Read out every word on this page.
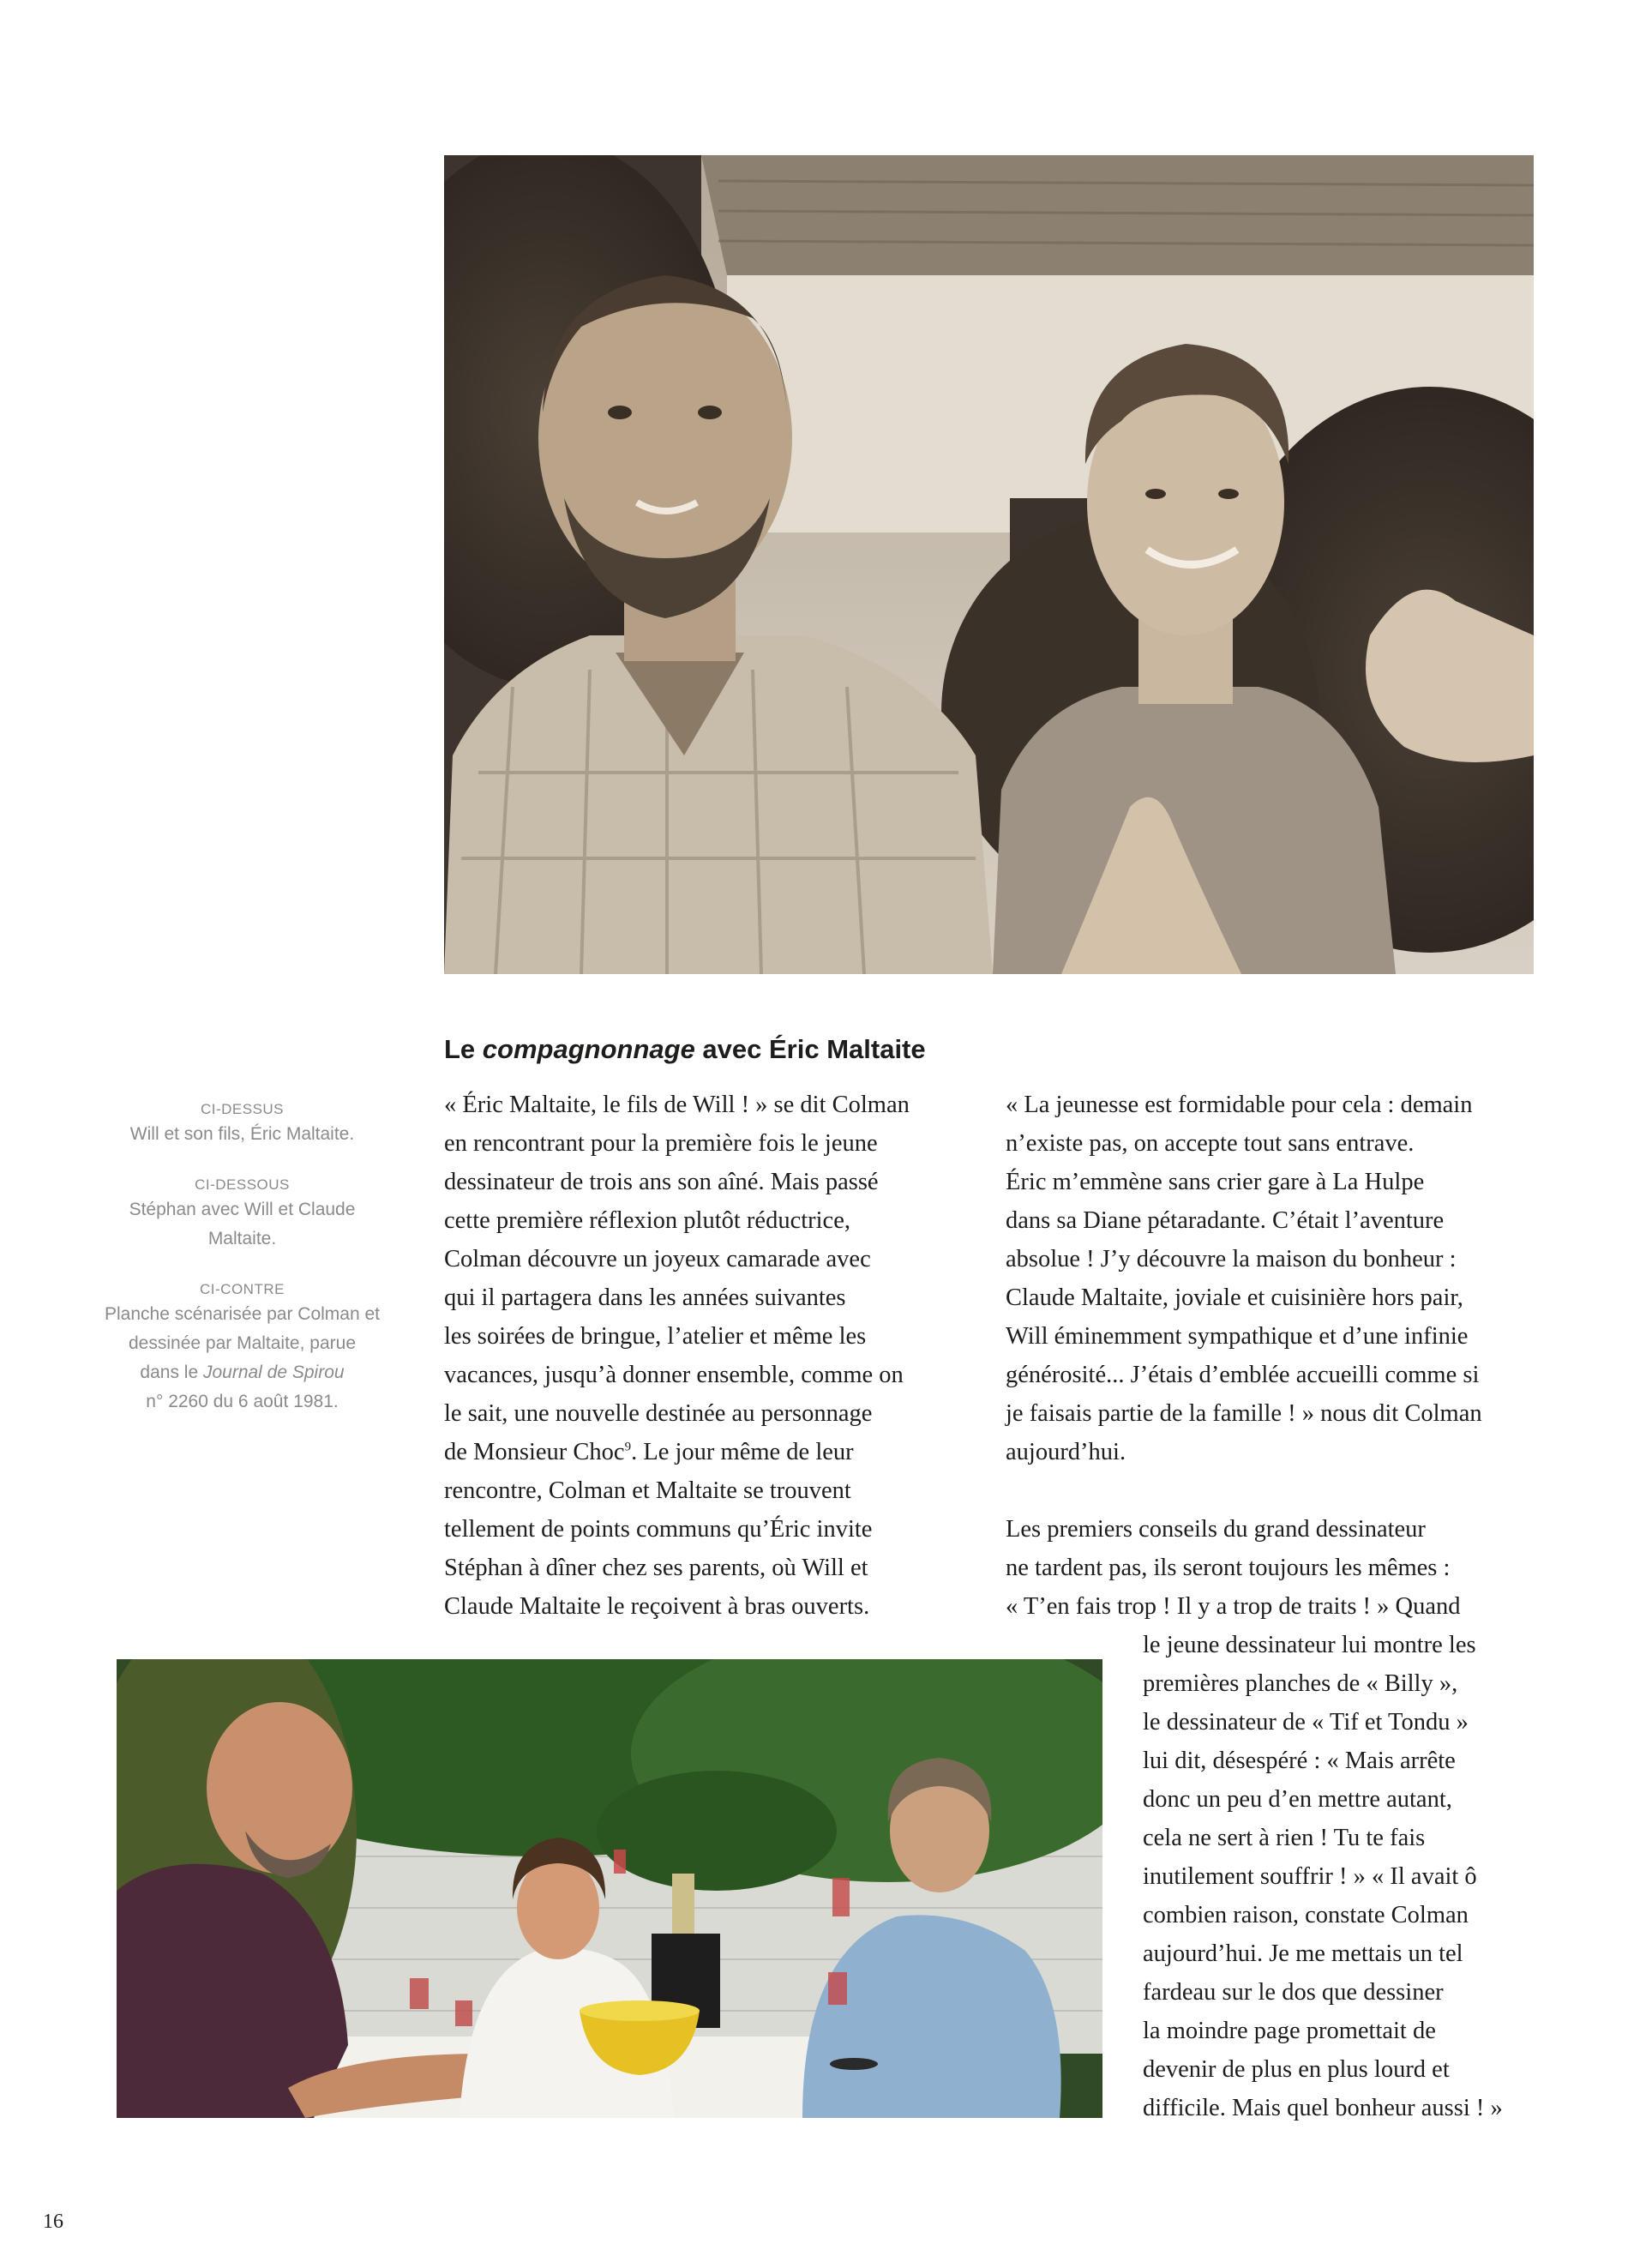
Le compagnonnage avec Éric Maltaite
CI-DESSUS
Will et son fils, Éric Maltaite.
CI-DESSOUS
Stéphan avec Will et Claude Maltaite.
CI-CONTRE
Planche scénarisée par Colman et
dessinée par Maltaite, parue
dans le Journal de Spirou
n° 2260 du 6 août 1981.
« Éric Maltaite, le fils de Will ! » se dit Colman
en rencontrant pour la première fois le jeune
dessinateur de trois ans son aîné. Mais passé
cette première réflexion plutôt réductrice,
Colman découvre un joyeux camarade avec
qui il partagera dans les années suivantes
les soirées de bringue, l’atelier et même les
vacances, jusqu’à donner ensemble, comme on
le sait, une nouvelle destinée au personnage
de Monsieur Choc$^9$. Le jour même de leur
rencontre, Colman et Maltaite se trouvent
tellement de points communs qu’Éric invite
Stéphan à dîner chez ses parents, où Will et
Claude Maltaite le reçoivent à bras ouverts.
« La jeunesse est formidable pour cela : demain
n’existe pas, on accepte tout sans entrave.
Éric m’emmène sans crier gare à La Hulpe
dans sa Diane pétaradante. C’était l’aventure
absolue ! J’y découvre la maison du bonheur :
Claude Maltaite, joviale et cuisinière hors pair,
Will éminemment sympathique et d’une infinie
générosité... J’étais d’emblée accueilli comme si
je faisais partie de la famille ! » nous dit Colman
aujourd’hui.
Les premiers conseils du grand dessinateur
ne tardent pas, ils seront toujours les mêmes :
« T’en fais trop ! Il y a trop de traits ! » Quand
le jeune dessinateur lui montre les
premières planches de « Billy »,
le dessinateur de « Tif et Tondu »
lui dit, désespéré : « Mais arrête
donc un peu d’en mettre autant,
cela ne sert à rien ! Tu te fais
inutilement souffrir ! » « Il avait ô
combien raison, constate Colman
aujourd’hui. Je me mettais un tel
fardeau sur le dos que dessiner
la moindre page promettait de
devenir de plus en plus lourd et
difficile. Mais quel bonheur aussi ! »
16
